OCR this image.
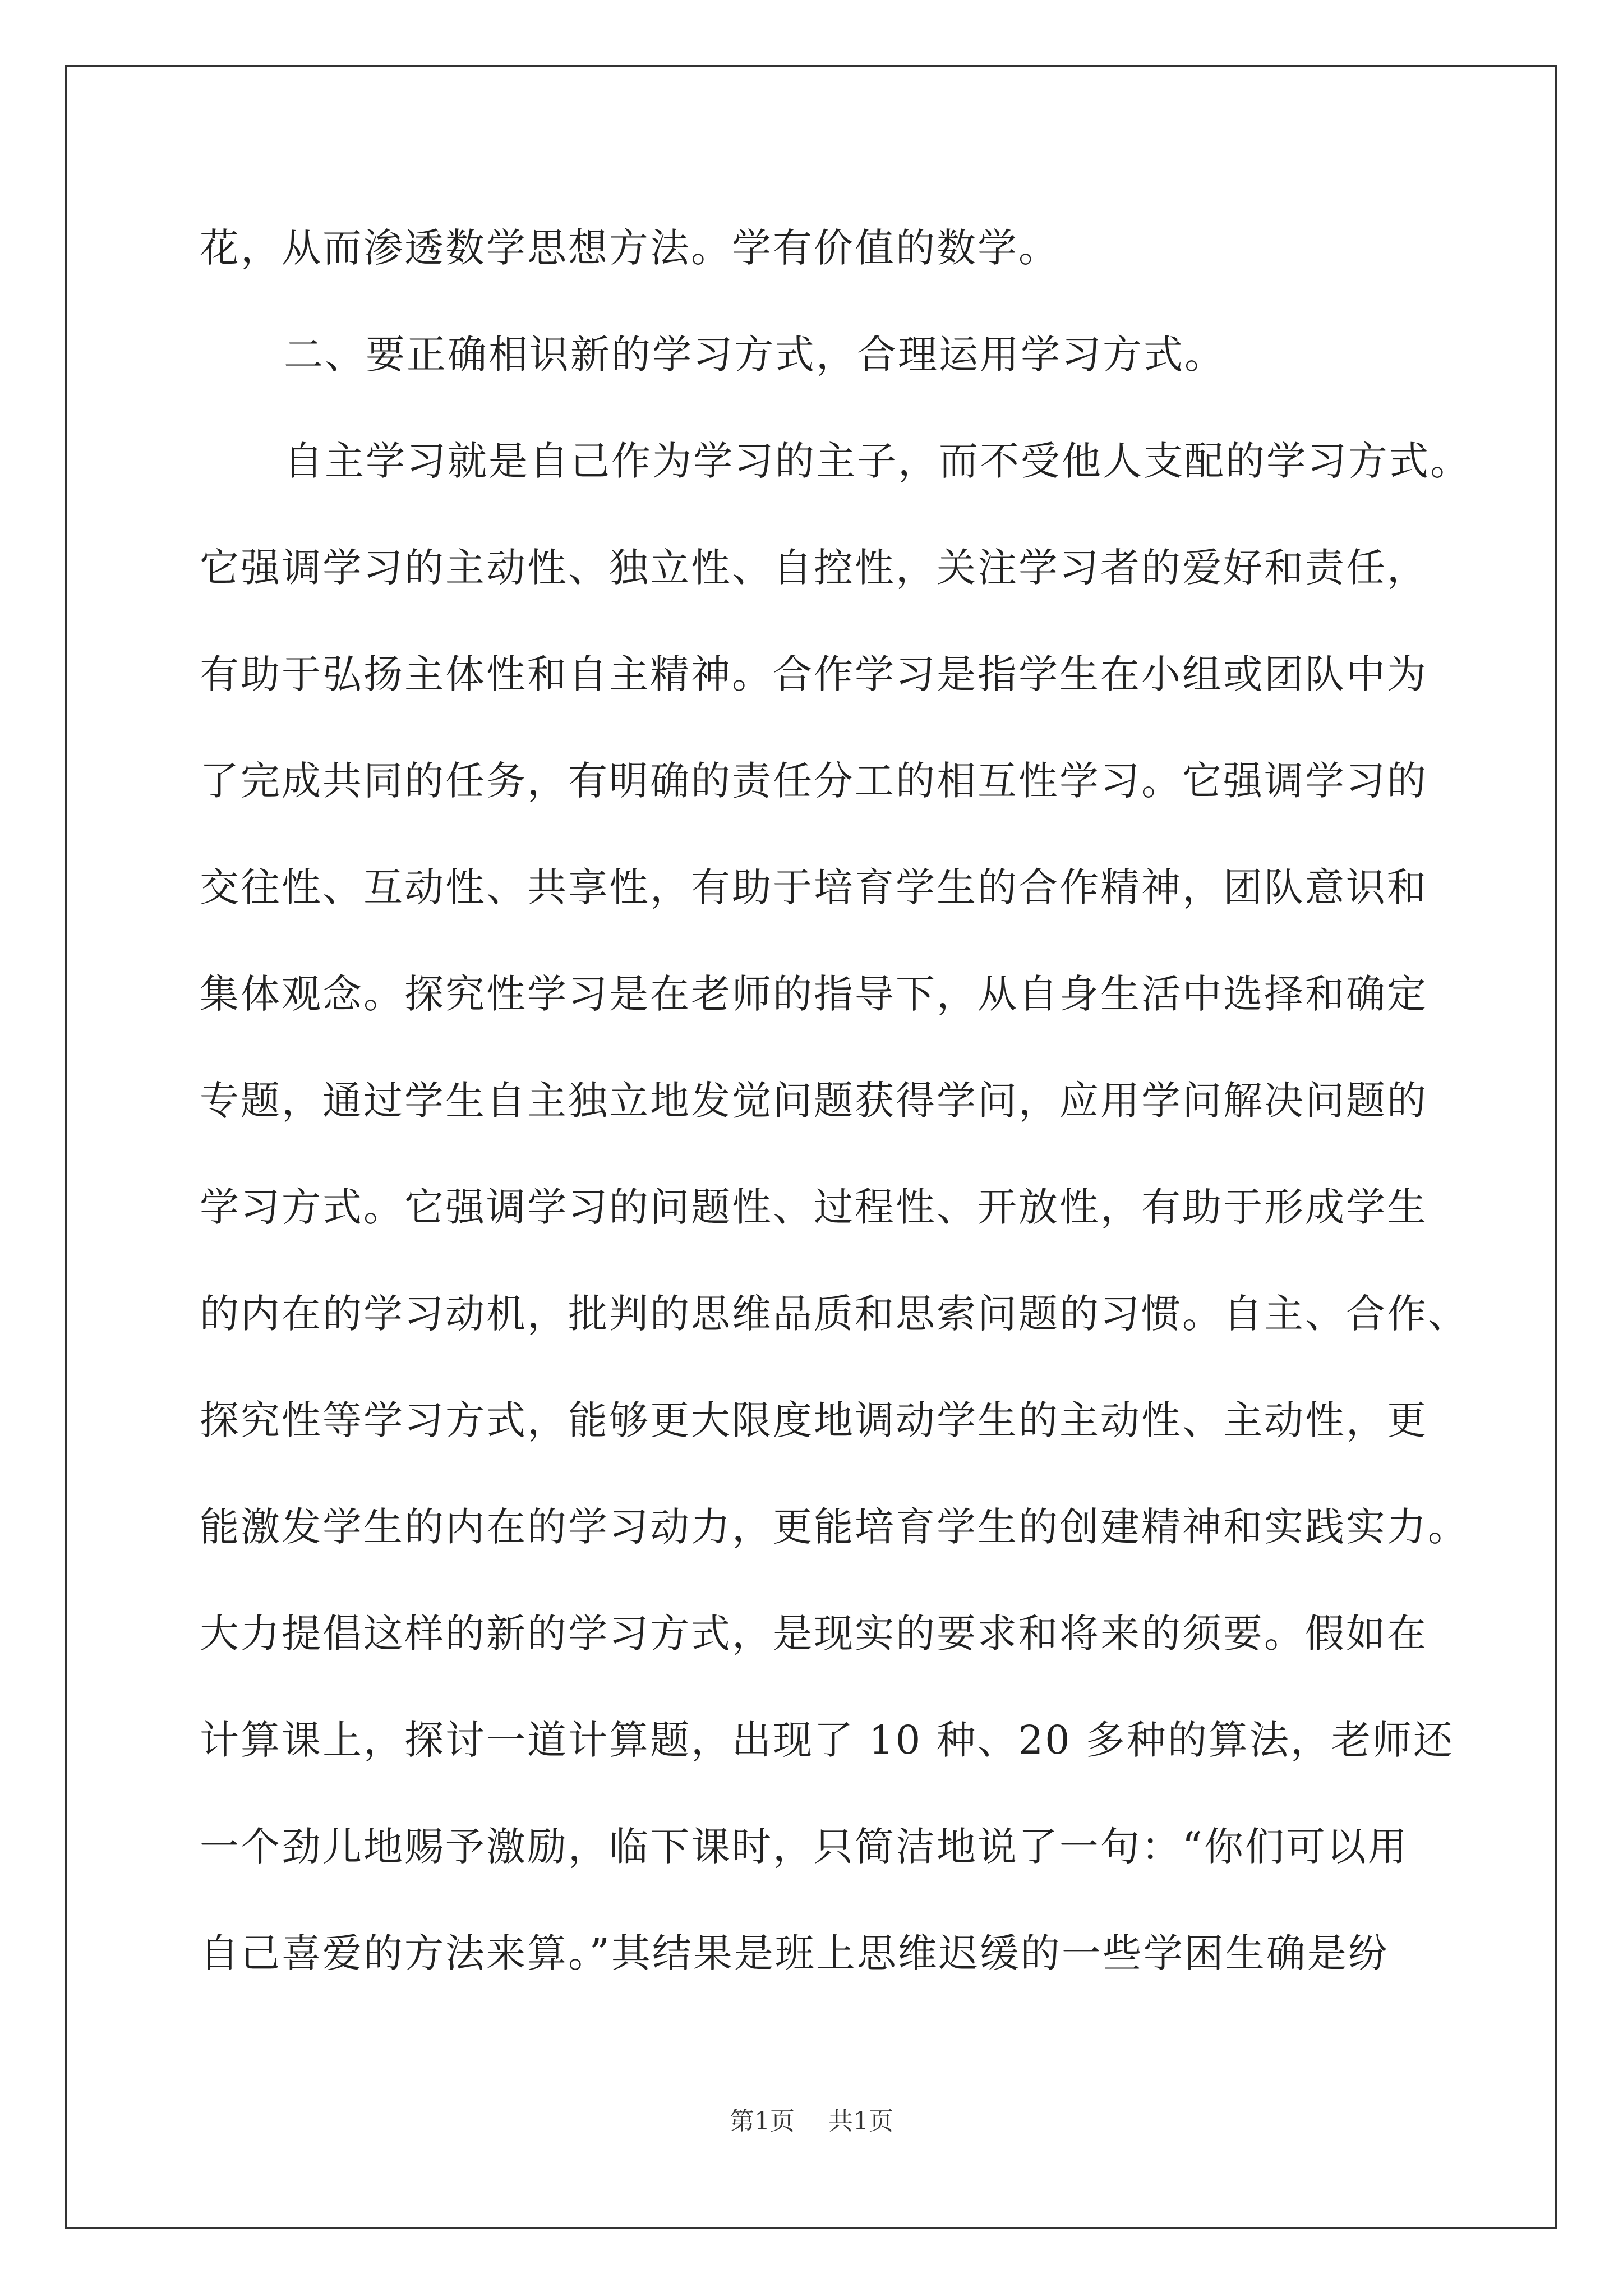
花，从而渗透数学思想方法。学有价值的数学。
二、要正确相识新的学习方式，合理运用学习方式。
自主学习就是自己作为学习的主子，而不受他人支配的学习方式。
它强调学习的主动性、独立性、自控性，关注学习者的爱好和责任，
有助于弘扬主体性和自主精神。合作学习是指学生在小组或团队中为
了完成共同的任务，有明确的责任分工的相互性学习。它强调学习的
交往性、互动性、共享性，有助于培育学生的合作精神，团队意识和
集体观念。探究性学习是在老师的指导下，从自身生活中选择和确定
专题，通过学生自主独立地发觉问题获得学问，应用学问解决问题的
学习方式。它强调学习的问题性、过程性、开放性，有助于形成学生
的内在的学习动机，批判的思维品质和思索问题的习惯。自主、合作、
探究性等学习方式，能够更大限度地调动学生的主动性、主动性，更
能激发学生的内在的学习动力，更能培育学生的创建精神和实践实力。
大力提倡这样的新的学习方式，是现实的要求和将来的须要。假如在
计算课上，探讨一道计算题，出现了 10 种、20 多种的算法，老师还
一个劲儿地赐予激励，临下课时，只简洁地说了一句：“你们可以用
自己喜爱的方法来算。”其结果是班上思维迟缓的一些学困生确是纷
第1页 共1页
